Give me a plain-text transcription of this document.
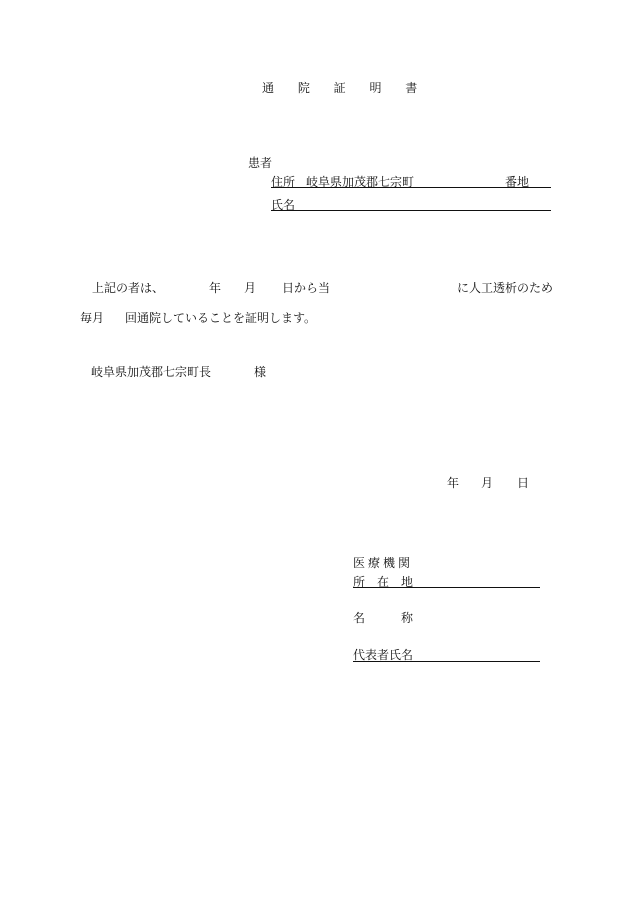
通 院 証 明 書
患者
住所 岐阜県加茂郡七宗町	番地
氏名
上記の者は、	年 月 日から当	に人工透析のため
毎月 回通院していることを証明します。
岐阜県加茂郡七宗町長	様
年 月 日
医療機関
所　在　地
名　　　称
代表者氏名
